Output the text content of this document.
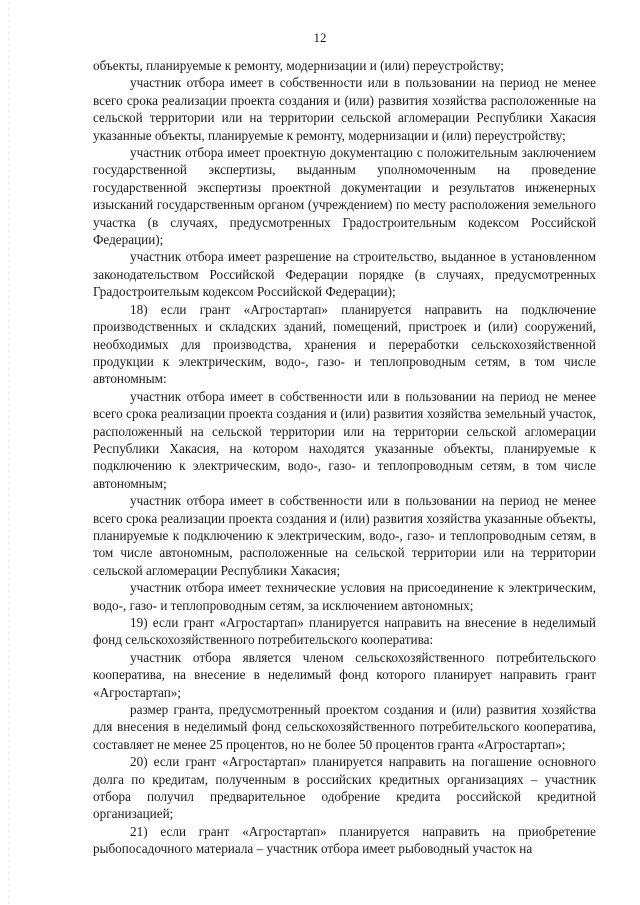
12

объекты, планируемые к ремонту, модернизации и (или) переустройству;

участник отбора имеет в собственности или в пользовании на период не менее всего срока реализации проекта создания и (или) развития хозяйства расположенные на сельской территории или на территории сельской агломерации Республики Хакасия указанные объекты, планируемые к ремонту, модернизации и (или) переустройству;

участник отбора имеет проектную документацию с положительным заключением государственной экспертизы, выданным уполномоченным на проведение государственной экспертизы проектной документации и результатов инженерных изысканий государственным органом (учреждением) по месту расположения земельного участка (в случаях, предусмотренных Градостроительным кодексом Российской Федерации);

участник отбора имеет разрешение на строительство, выданное в установленном законодательством Российской Федерации порядке (в случаях, предусмотренных Градостроительым кодексом Российской Федерации);

18) если грант «Агростартап» планируется направить на подключение производственных и складских зданий, помещений, пристроек и (или) сооружений, необходимых для производства, хранения и переработки сельскохозяйственной продукции к электрическим, водо-, газо- и теплопроводным сетям, в том числе автономным:

участник отбора имеет в собственности или в пользовании на период не менее всего срока реализации проекта создания и (или) развития хозяйства земельный участок, расположенный на сельской территории или на территории сельской агломерации Республики Хакасия, на котором находятся указанные объекты, планируемые к подключению к электрическим, водо-, газо- и теплопроводным сетям, в том числе автономным;

участник отбора имеет в собственности или в пользовании на период не менее всего срока реализации проекта создания и (или) развития хозяйства указанные объекты, планируемые к подключению к электрическим, водо-, газо- и теплопроводным сетям, в том числе автономным, расположенные на сельской территории или на территории сельской агломерации Республики Хакасия;

участник отбора имеет технические условия на присоединение к электрическим, водо-, газо- и теплопроводным сетям, за исключением автономных;

19) если грант «Агростартап» планируется направить на внесение в неделимый фонд сельскохозяйственного потребительского кооператива:

участник отбора является членом сельскохозяйственного потребительского кооператива, на внесение в неделимый фонд которого планирует направить грант «Агростартап»;

размер гранта, предусмотренный проектом создания и (или) развития хозяйства для внесения в неделимый фонд сельскохозяйственного потребительского кооператива, составляет не менее 25 процентов, но не более 50 процентов гранта «Агростартап»;

20) если грант «Агростартап» планируется направить на погашение основного долга по кредитам, полученным в российских кредитных организациях – участник отбора получил предварительное одобрение кредита российской кредитной организацией;

21) если грант «Агростартап» планируется направить на приобретение рыбопосадочного материала – участник отбора имеет рыбоводный участок на
